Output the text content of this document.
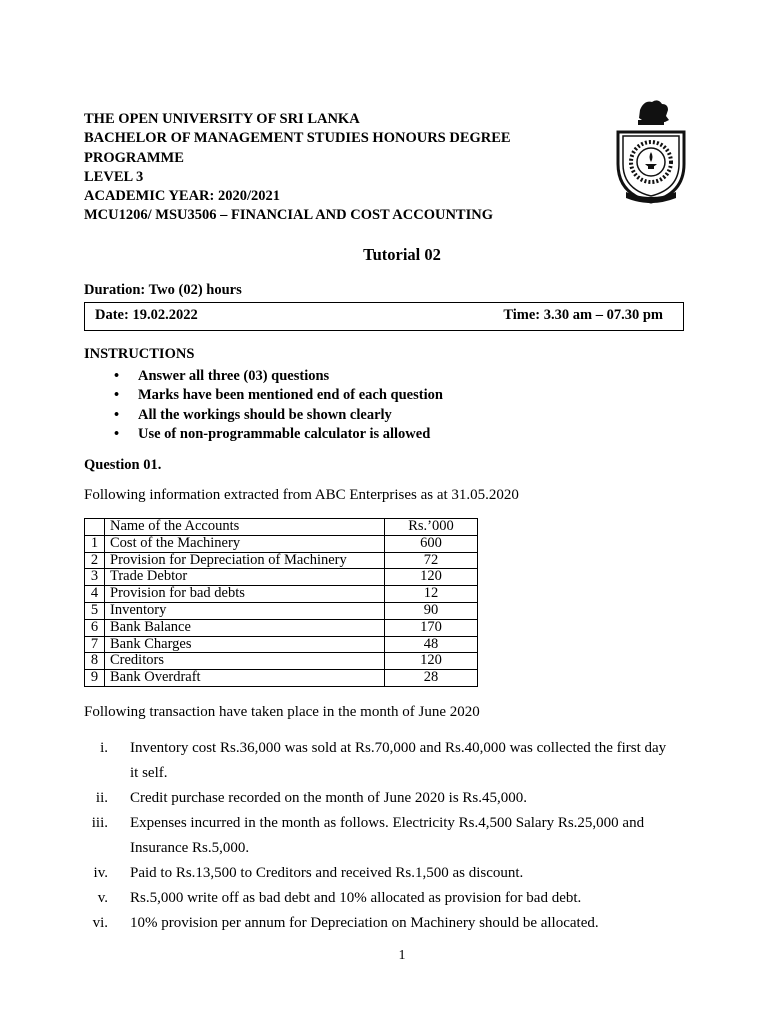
THE OPEN UNIVERSITY OF SRI LANKA
BACHELOR OF MANAGEMENT STUDIES HONOURS DEGREE
PROGRAMME
LEVEL 3
ACADEMIC YEAR: 2020/2021
MCU1206/ MSU3506 – FINANCIAL AND COST ACCOUNTING
Tutorial 02
Duration: Two (02) hours
Date: 19.02.2022	Time: 3.30 am – 07.30 pm
INSTRUCTIONS
• Answer all three (03) questions
• Marks have been mentioned end of each question
• All the workings should be shown clearly
• Use of non-programmable calculator is allowed
Question 01.
Following information extracted from ABC Enterprises as at 31.05.2020
	Name of the Accounts	Rs.’000
1	Cost of the Machinery	600
2	Provision for Depreciation of Machinery	72
3	Trade Debtor	120
4	Provision for bad debts	12
5	Inventory	90
6	Bank Balance	170
7	Bank Charges	48
8	Creditors	120
9	Bank Overdraft	28
Following transaction have taken place in the month of June 2020
i. Inventory cost Rs.36,000 was sold at Rs.70,000 and Rs.40,000 was collected the first day
it self.
ii. Credit purchase recorded on the month of June 2020 is Rs.45,000.
iii. Expenses incurred in the month as follows. Electricity Rs.4,500 Salary Rs.25,000 and
Insurance Rs.5,000.
iv. Paid to Rs.13,500 to Creditors and received Rs.1,500 as discount.
v. Rs.5,000 write off as bad debt and 10% allocated as provision for bad debt.
vi. 10% provision per annum for Depreciation on Machinery should be allocated.
1
